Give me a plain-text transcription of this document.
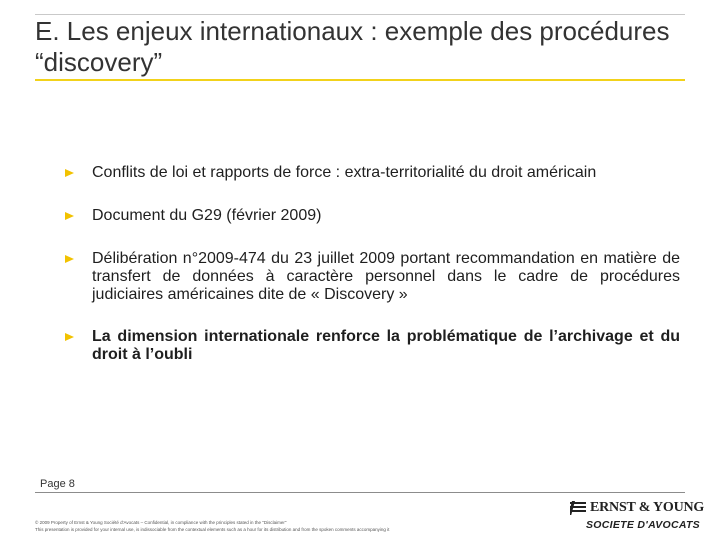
E. Les enjeux internationaux : exemple des procédures “discovery”
Conflits de loi et rapports de force : extra-territorialité du droit américain
Document du G29 (février 2009)
Délibération n°2009-474 du 23 juillet 2009 portant recommandation en matière de transfert de données à caractère personnel dans le cadre de procédures judiciaires américaines dite de « Discovery »
La dimension internationale renforce la problématique de l’archivage et du droit à l’oubli
Page 8
© 2009 Property of Ernst & Young Société d'Avocats – Confidential, in compliance with the principles stated in the "Disclaimer"
This presentation is provided for your internal use, is indissociable from the contextual elements such as a hour for its distribution and from the spoken comments accompanying it
ERNST & YOUNG
SOCIETE D'AVOCATS
